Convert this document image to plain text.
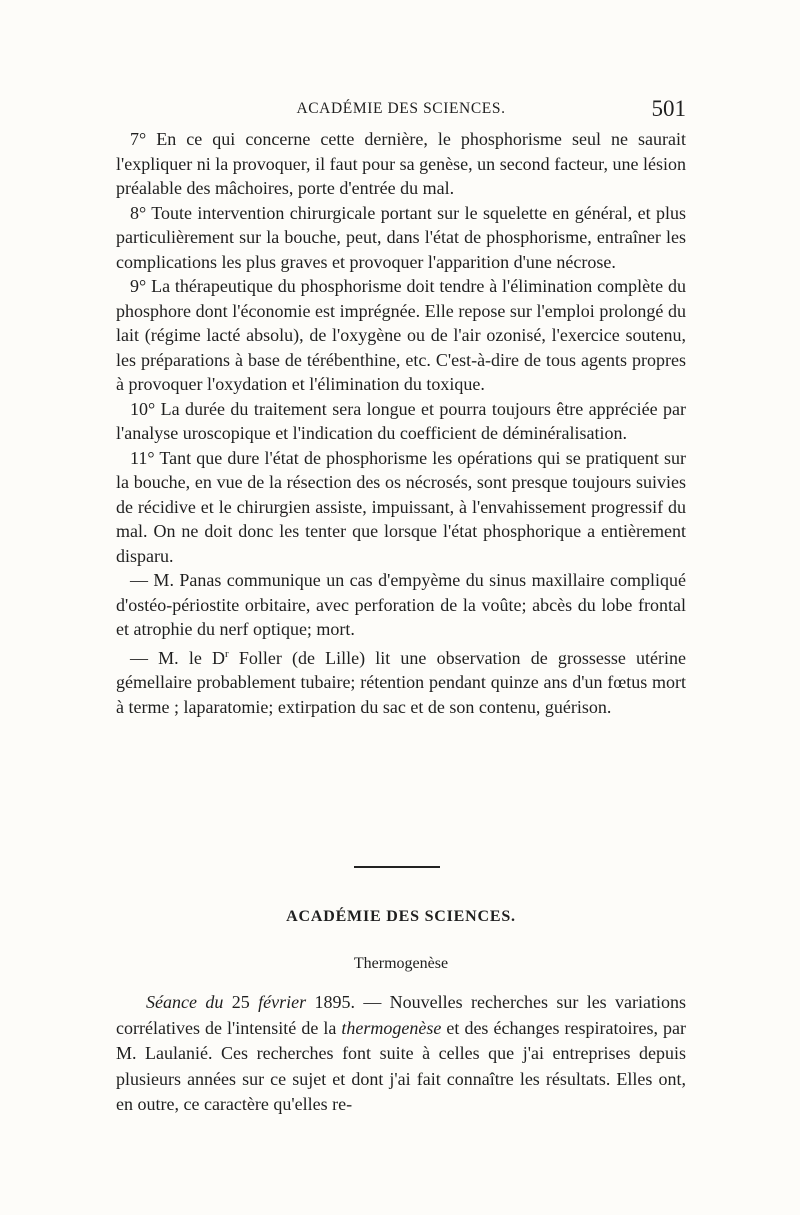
ACADÉMIE DES SCIENCES.	501

7° En ce qui concerne cette dernière, le phosphorisme seul ne saurait l'expliquer ni la provoquer, il faut pour sa genèse, un second facteur, une lésion préalable des mâchoires, porte d'entrée du mal.

8° Toute intervention chirurgicale portant sur le squelette en général, et plus particulièrement sur la bouche, peut, dans l'état de phosphorisme, entraîner les complications les plus graves et provoquer l'apparition d'une nécrose.

9° La thérapeutique du phosphorisme doit tendre à l'élimination complète du phosphore dont l'économie est imprégnée. Elle repose sur l'emploi prolongé du lait (régime lacté absolu), de l'oxygène ou de l'air ozonisé, l'exercice soutenu, les préparations à base de térébenthine, etc. C'est-à-dire de tous agents propres à provoquer l'oxydation et l'élimination du toxique.

10° La durée du traitement sera longue et pourra toujours être appréciée par l'analyse uroscopique et l'indication du coefficient de déminéralisation.

11° Tant que dure l'état de phosphorisme les opérations qui se pratiquent sur la bouche, en vue de la résection des os nécrosés, sont presque toujours suivies de récidive et le chirurgien assiste, impuissant, à l'envahissement progressif du mal. On ne doit donc les tenter que lorsque l'état phosphorique a entièrement disparu.

— M. Panas communique un cas d'empyème du sinus maxillaire compliqué d'ostéo-périostite orbitaire, avec perforation de la voûte; abcès du lobe frontal et atrophie du nerf optique; mort.

— M. le $D^r$ Foller (de Lille) lit une observation de grossesse utérine gémellaire probablement tubaire; rétention pendant quinze ans d'un fœtus mort à terme ; laparatomie; extirpation du sac et de son contenu, guérison.

ACADÉMIE DES SCIENCES.
Thermogenèse

Séance du 25 février 1895. — Nouvelles recherches sur les variations corrélatives de l'intensité de la thermogenèse et des échanges respiratoires, par M. Laulanié. Ces recherches font suite à celles que j'ai entreprises depuis plusieurs années sur ce sujet et dont j'ai fait connaître les résultats. Elles ont, en outre, ce caractère qu'elles re-
